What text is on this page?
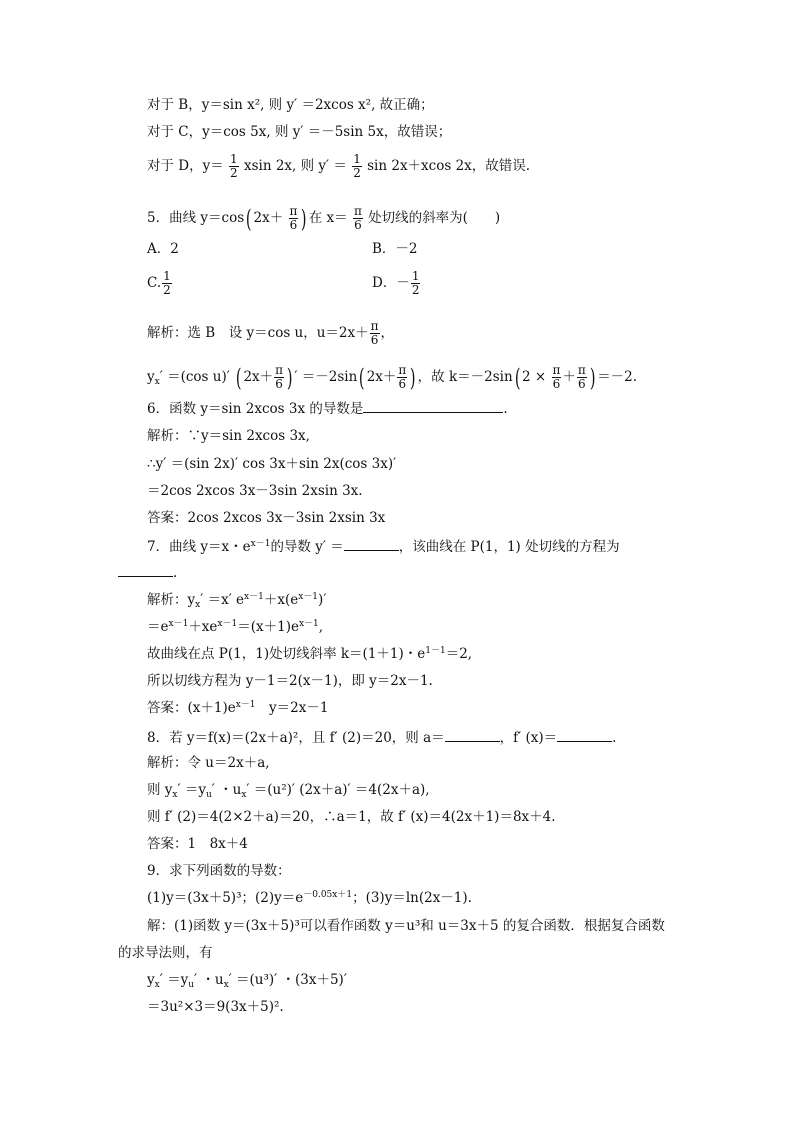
对于 B，y＝sin x², 则 y′ ＝2xcos x², 故正确；
对于 C，y＝cos 5x, 则 y′ ＝－5sin 5x，故错误；
对于 D，$y= \frac{1}{2}$ xsin 2x, 则 $y' = \frac{1}{2}$ sin 2x＋xcos 2x，故错误.
5．曲线 y＝cos( $2x+ \frac{\pi}{6}$ ) 在 $x= \frac{\pi}{6}$ 处切线的斜率为(　　)
A．2	B．－2
C. $\frac{1}{2}$	D．－ $\frac{1}{2}$
解析：选 B　设 y＝cos u，$u=2x+ \frac{\pi}{6}$ ，
$y_x' =(\cos$ u)′ ( $2x+ \frac{\pi}{6}$ ) ′ ＝－2sin( $2x+ \frac{\pi}{6}$ ) ，故 k＝－2sin( $2 \times \frac{\pi}{6} + \frac{\pi}{6}$ ) ＝－2.
6．函数 y＝sin 2xcos 3x 的导数是	.
解析：∵y＝sin 2xcos 3x,
∴y′ ＝(sin 2x)′ cos 3x＋sin 2x(cos 3x)′
＝2cos 2xcos 3x－3sin 2xsin 3x.
答案：2cos 2xcos 3x－3sin 2xsin 3x
7．曲线 y＝x・$e^{x-1}$的导数 y′ ＝	，该曲线在 P(1，1) 处切线的方程为
.
解析：$y_x' =x'$ $e^{x-1}+x(e^{x-1})'$
$=e^{x-1}+xe^{x-1}=(x+1)e^{x-1}$,
故曲线在点 P(1，1)处切线斜率 k＝(1＋1)・$e^{1-1}=2$,
所以切线方程为 y－1＝2(x－1)，即 y＝2x－1.
答案：$(x+1)e^{x-1}$　y＝2x－1
8．若 y＝f(x)＝(2x＋a)²，且 f′ (2)＝20，则 a＝	，f′ (x)＝	.
解析：令 u＝2x＋a,
则 $y_x' =y_u'$ ・$u_x' =(u^2)'$ (2x＋a)′ ＝4(2x＋a),
则 f′ (2)＝4(2×2＋a)＝20，∴a＝1，故 f′ (x)＝4(2x＋1)＝8x＋4.
答案：1　8x＋4
9．求下列函数的导数：
(1)y＝(3x＋5)³；$(2)y=e^{-0.05x+1}$；(3)y＝ln(2x－1).
解：(1)函数 y＝(3x＋5)³可以看作函数 y＝u³和 u＝3x＋5 的复合函数．根据复合函数
的求导法则，有
$y_x' =y_u'$ ・$u_x' =(u^3)'$ ・(3x＋5)′
＝3u²×3＝9(3x＋5)².
